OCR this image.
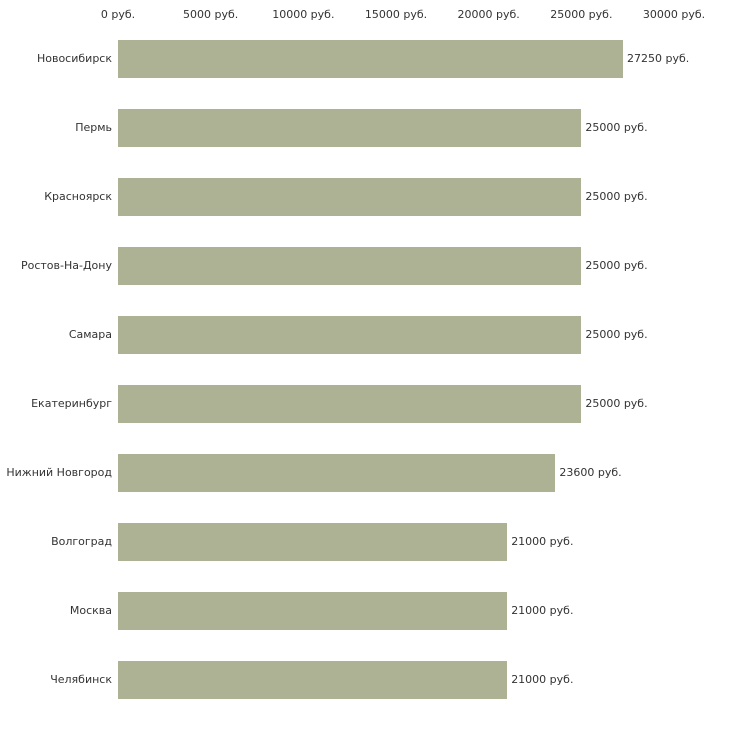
0 руб.	5000 руб.	10000 руб.	15000 руб.	20000 руб.	25000 руб.	30000 руб.
Новосибирск	27250 руб.
Пермь	25000 руб.
Красноярск	25000 руб.
Ростов-На-Дону	25000 руб.
Самара	25000 руб.
Екатеринбург	25000 руб.
Нижний Новгород	23600 руб.
Волгоград	21000 руб.
Москва	21000 руб.
Челябинск	21000 руб.
